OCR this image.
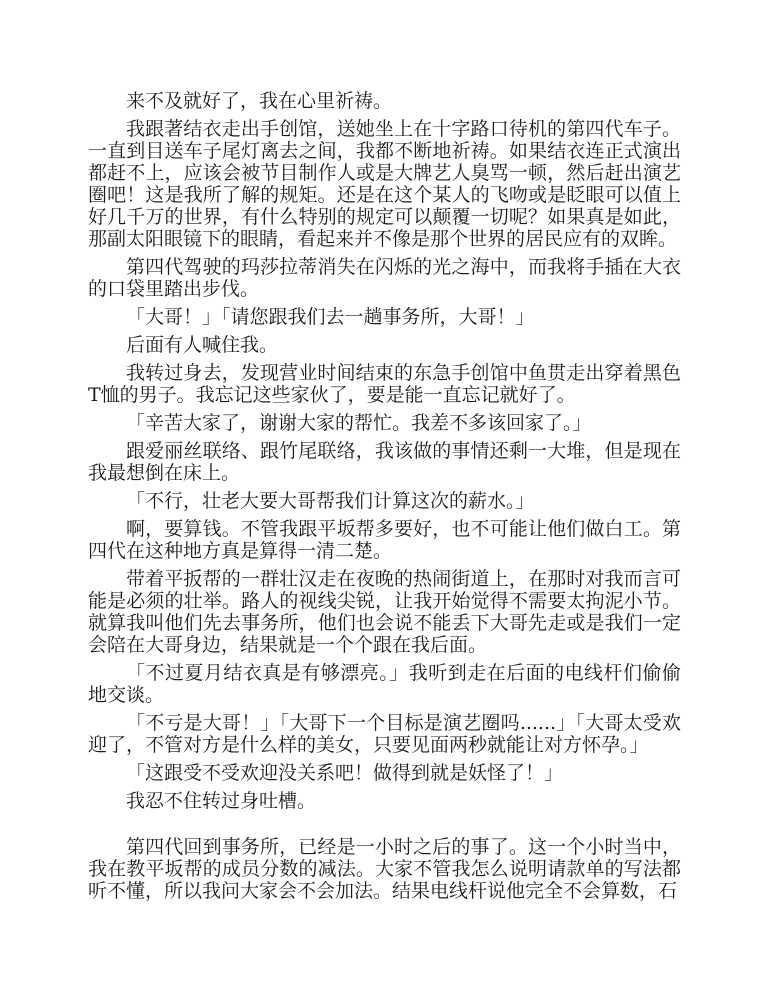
来不及就好了，我在心里祈祷。

我跟著结衣走出手创馆，送她坐上在十字路口待机的第四代车子。一直到目送车子尾灯离去之间，我都不断地祈祷。如果结衣连正式演出都赶不上，应该会被节目制作人或是大牌艺人臭骂一顿，然后赶出演艺圈吧！这是我所了解的规矩。还是在这个某人的飞吻或是眨眼可以值上好几千万的世界，有什么特别的规定可以颠覆一切呢？如果真是如此，那副太阳眼镜下的眼睛，看起来并不像是那个世界的居民应有的双眸。

第四代驾驶的玛莎拉蒂消失在闪烁的光之海中，而我将手插在大衣的口袋里踏出步伐。

「大哥！」「请您跟我们去一趟事务所，大哥！」

后面有人喊住我。

我转过身去，发现营业时间结束的东急手创馆中鱼贯走出穿着黑色T恤的男子。我忘记这些家伙了，要是能一直忘记就好了。

「辛苦大家了，谢谢大家的帮忙。我差不多该回家了。」

跟爱丽丝联络、跟竹尾联络，我该做的事情还剩一大堆，但是现在我最想倒在床上。

「不行，壮老大要大哥帮我们计算这次的薪水。」

啊，要算钱。不管我跟平坂帮多要好，也不可能让他们做白工。第四代在这种地方真是算得一清二楚。

带着平扳帮的一群壮汉走在夜晚的热闹街道上，在那时对我而言可能是必须的壮举。路人的视线尖锐，让我开始觉得不需要太拘泥小节。就算我叫他们先去事务所，他们也会说不能丢下大哥先走或是我们一定会陪在大哥身边，结果就是一个个跟在我后面。

「不过夏月结衣真是有够漂亮。」我听到走在后面的电线杆们偷偷地交谈。

「不亏是大哥！」「大哥下一个目标是演艺圈吗......」「大哥太受欢迎了，不管对方是什么样的美女，只要见面两秒就能让对方怀孕。」

「这跟受不受欢迎没关系吧！做得到就是妖怪了！」

我忍不住转过身吐槽。

第四代回到事务所，已经是一小时之后的事了。这一个小时当中，我在教平坂帮的成员分数的减法。大家不管我怎么说明请款单的写法都听不懂，所以我问大家会不会加法。结果电线杆说他完全不会算数，石
